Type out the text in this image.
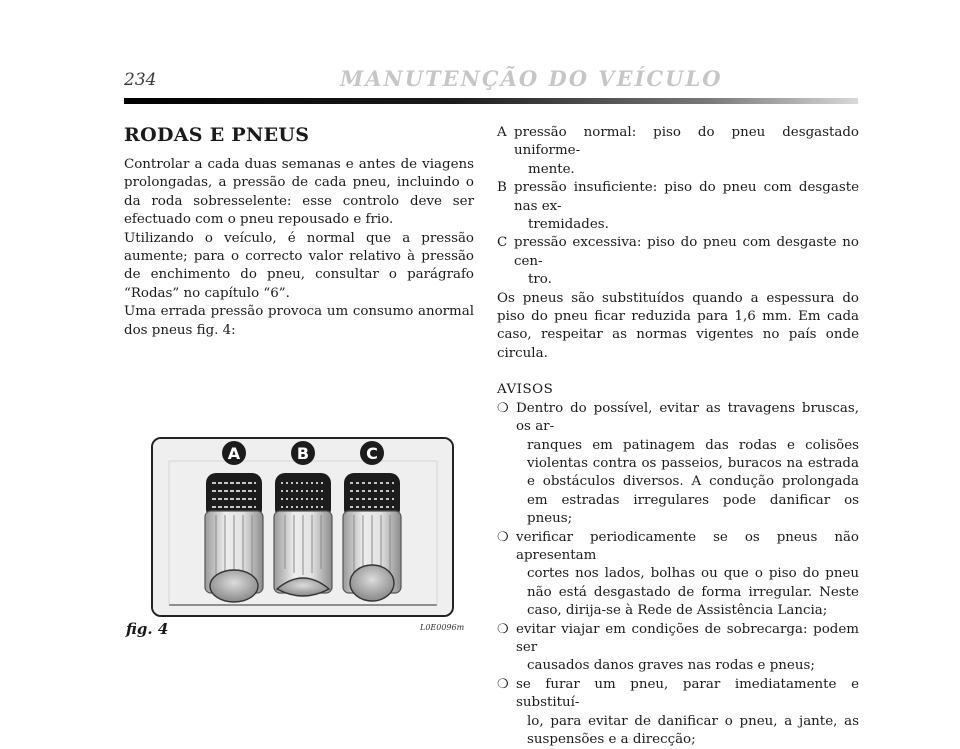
234	MANUTENÇÃO DO VEÍCULO
RODAS E PNEUS

Controlar a cada duas semanas e antes de viagens prolongadas, a pressão de cada pneu, incluindo o da roda sobresselente: esse controlo deve ser efectuado com o pneu repousado e frio.

Utilizando o veículo, é normal que a pressão aumente; para o correcto valor relativo à pressão de enchimento do pneu, consultar o parágrafo “Rodas” no capítulo “6”.

Uma errada pressão provoca um consumo anormal dos pneus fig. 4:

A	B	C
fig. 4	L0E0096m
A pressão normal: piso do pneu desgastado uniforme-
mente.
B pressão insuficiente: piso do pneu com desgaste nas ex-
tremidades.
C pressão excessiva: piso do pneu com desgaste no cen-
tro.

Os pneus são substituídos quando a espessura do piso do pneu ficar reduzida para 1,6 mm. Em cada caso, respeitar as normas vigentes no país onde circula.

AVISOS

❍ Dentro do possível, evitar as travagens bruscas, os ar-
ranques em patinagem das rodas e colisões violentas contra os passeios, buracos na estrada e obstáculos diversos. A condução prolongada em estradas irregulares pode danificar os pneus;
❍ verificar periodicamente se os pneus não apresentam
cortes nos lados, bolhas ou que o piso do pneu não está desgastado de forma irregular. Neste caso, dirija-se à Rede de Assistência Lancia;
❍ evitar viajar em condições de sobrecarga: podem ser
causados danos graves nas rodas e pneus;
❍ se furar um pneu, parar imediatamente e substituí-
lo, para evitar de danificar o pneu, a jante, as suspensões e a direcção;
